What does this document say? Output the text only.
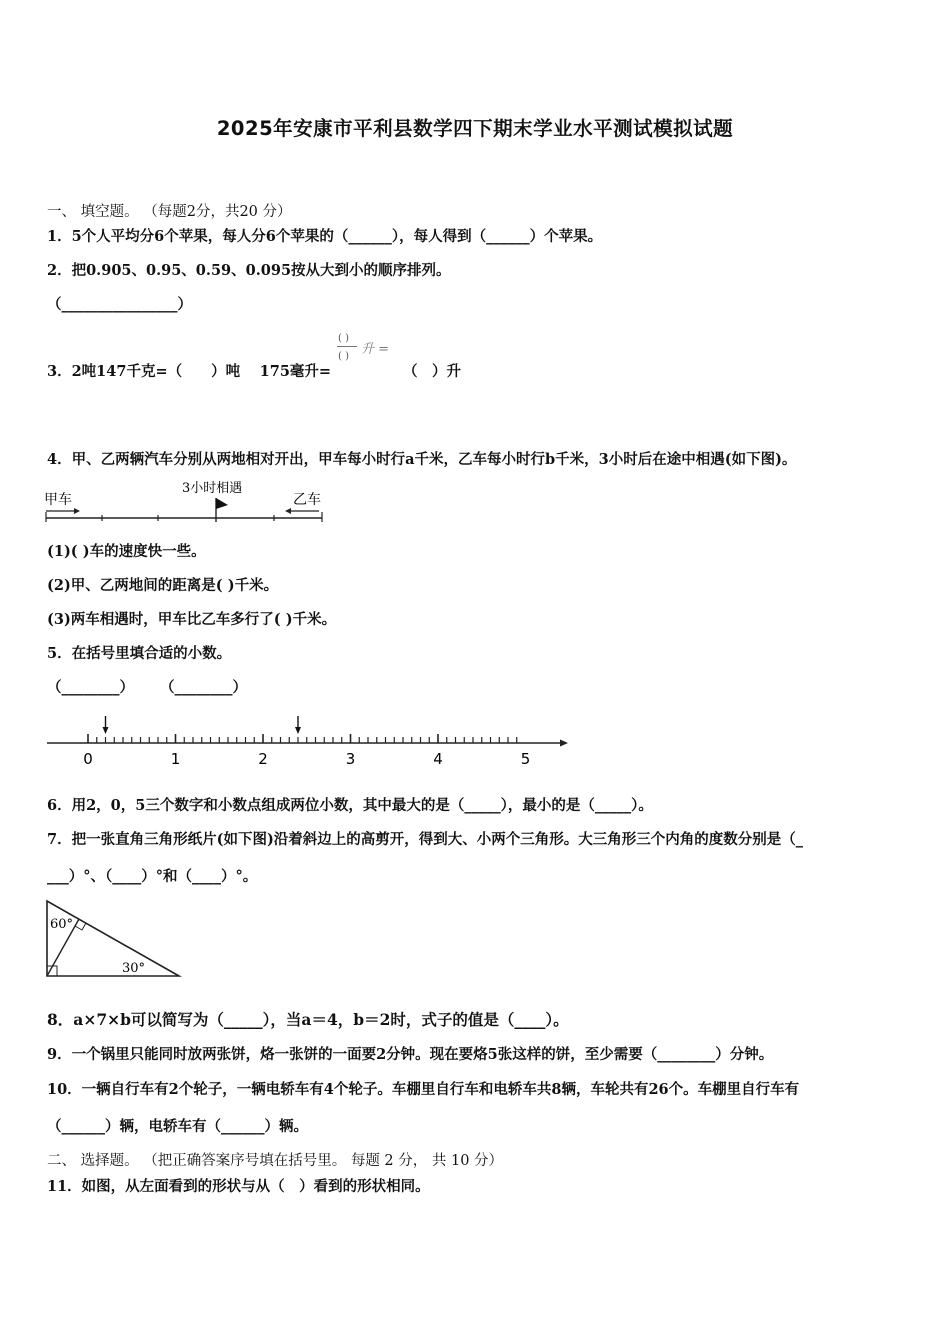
2025年安康市平利县数学四下期末学业水平测试模拟试题
一、 填空题。 （每题2分，共20 分）
1．5个人平均分6个苹果，每人分6个苹果的（______），每人得到（______）个苹果。
2．把0.905、0.95、0.59、0.095按从大到小的顺序排列。
（________________）
3．2吨147千克=（　　）吨　 175毫升=
( )
( ) 升 =
（　）升
4．甲、乙两辆汽车分别从两地相对开出，甲车每小时行a千米，乙车每小时行b千米，3小时后在途中相遇(如下图)。
甲车
3小时相遇
乙车
(1)( )车的速度快一些。
(2)甲、乙两地间的距离是( )千米。
(3)两车相遇时，甲车比乙车多行了( )千米。
5．在括号里填合适的小数。
（________） （________）
0	1	2	3	4	5
6．用2，0，5三个数字和小数点组成两位小数，其中最大的是（_____），最小的是（_____）。
7．把一张直角三角形纸片(如下图)沿着斜边上的高剪开，得到大、小两个三角形。大三角形三个内角的度数分别是（_
___）°、（____）°和（____）°。
60°
30°
8．a×7×b可以简写为（_____），当a＝4，b＝2时，式子的值是（____）。
9．一个锅里只能同时放两张饼，烙一张饼的一面要2分钟。现在要烙5张这样的饼，至少需要（________）分钟。
10．一辆自行车有2个轮子，一辆电轿车有4个轮子。车棚里自行车和电轿车共8辆，车轮共有26个。车棚里自行车有
（______）辆，电轿车有（______）辆。
二、 选择题。 （把正确答案序号填在括号里。 每题 2 分， 共 10 分）
11．如图，从左面看到的形状与从（　）看到的形状相同。
